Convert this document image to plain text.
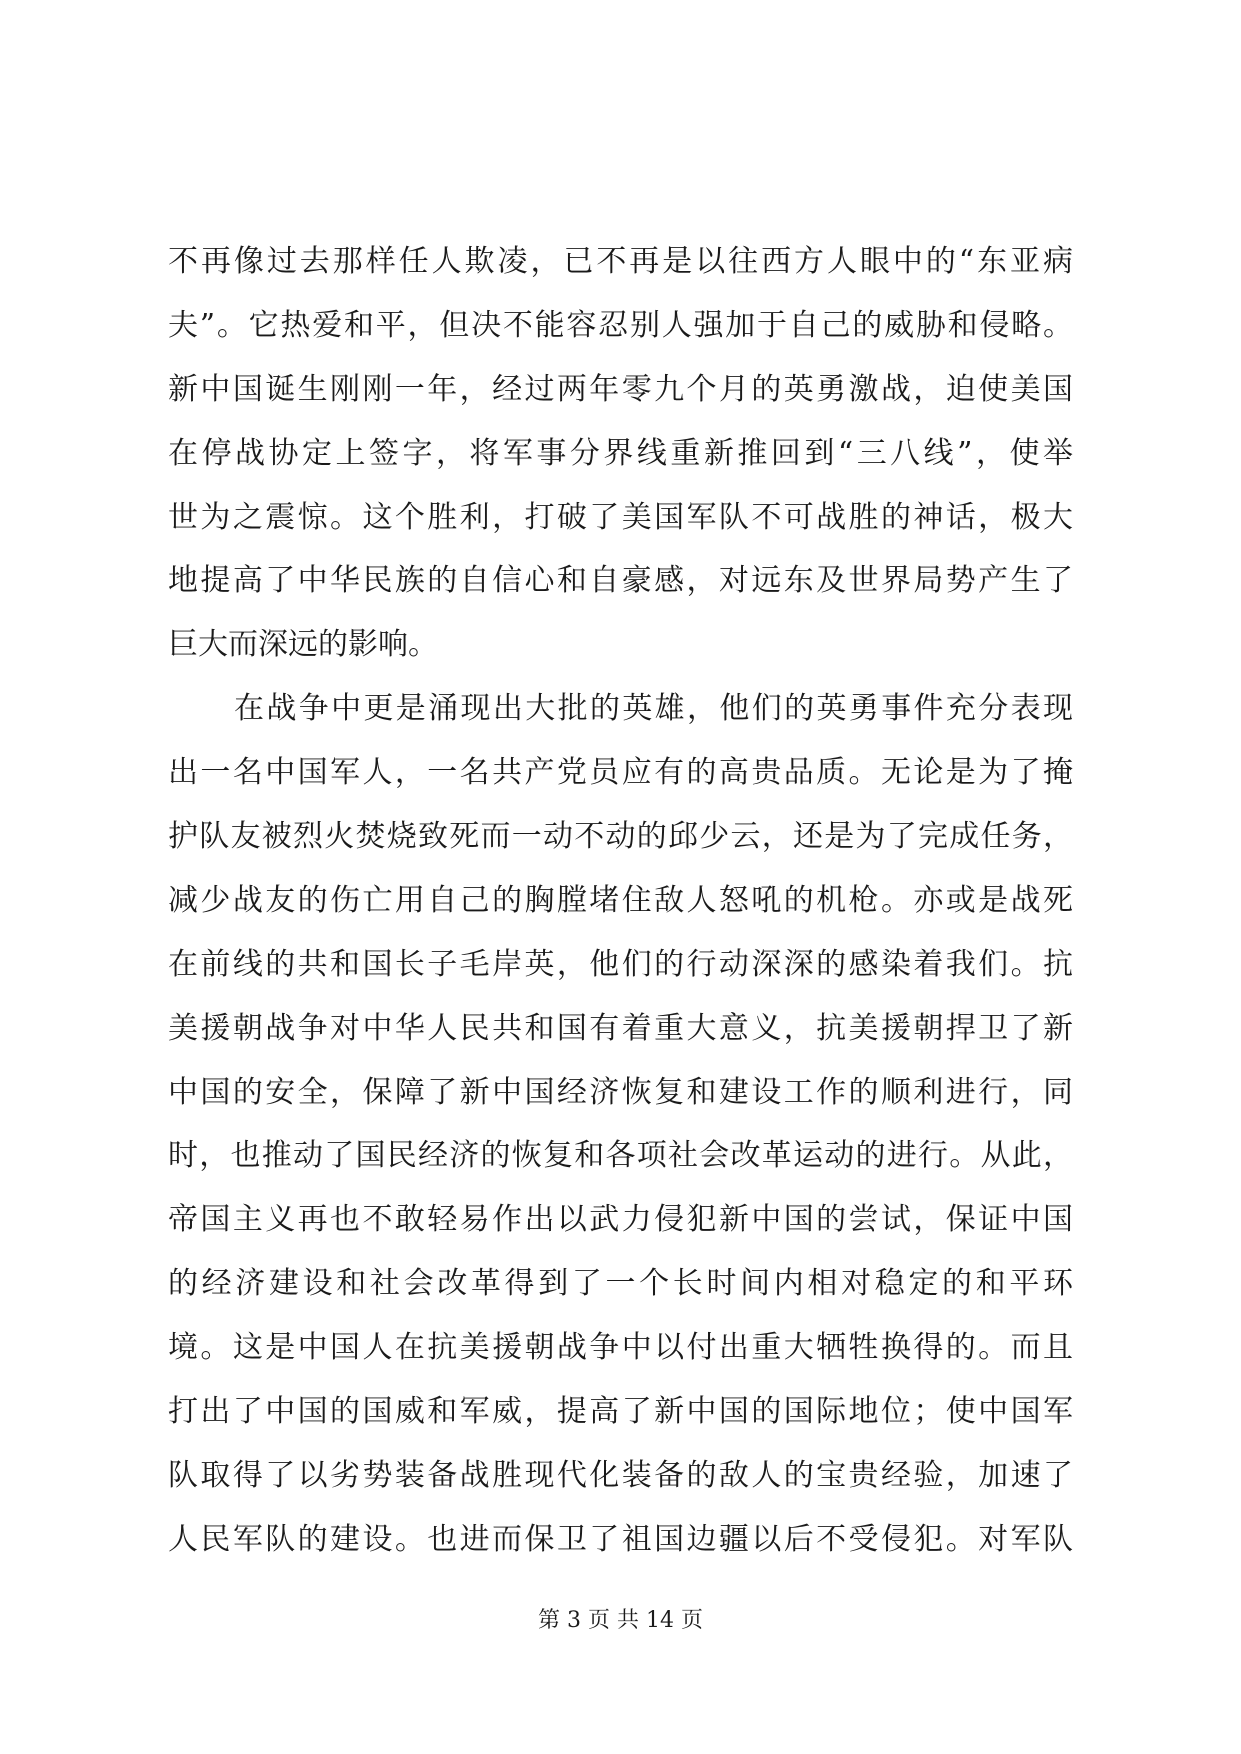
不再像过去那样任人欺凌，已不再是以往西方人眼中的“东亚病
夫”。它热爱和平，但决不能容忍别人强加于自己的威胁和侵略。
新中国诞生刚刚一年，经过两年零九个月的英勇激战，迫使美国
在停战协定上签字，将军事分界线重新推回到“三八线”，使举
世为之震惊。这个胜利，打破了美国军队不可战胜的神话，极大
地提高了中华民族的自信心和自豪感，对远东及世界局势产生了
巨大而深远的影响。
在战争中更是涌现出大批的英雄，他们的英勇事件充分表现
出一名中国军人，一名共产党员应有的高贵品质。无论是为了掩
护队友被烈火焚烧致死而一动不动的邱少云，还是为了完成任务，
减少战友的伤亡用自己的胸膛堵住敌人怒吼的机枪。亦或是战死
在前线的共和国长子毛岸英，他们的行动深深的感染着我们。抗
美援朝战争对中华人民共和国有着重大意义，抗美援朝捍卫了新
中国的安全，保障了新中国经济恢复和建设工作的顺利进行，同
时，也推动了国民经济的恢复和各项社会改革运动的进行。从此，
帝国主义再也不敢轻易作出以武力侵犯新中国的尝试，保证中国
的经济建设和社会改革得到了一个长时间内相对稳定的和平环
境。这是中国人在抗美援朝战争中以付出重大牺牲换得的。而且
打出了中国的国威和军威，提高了新中国的国际地位；使中国军
队取得了以劣势装备战胜现代化装备的敌人的宝贵经验，加速了
人民军队的建设。也进而保卫了祖国边疆以后不受侵犯。对军队
第 3 页 共 14 页
